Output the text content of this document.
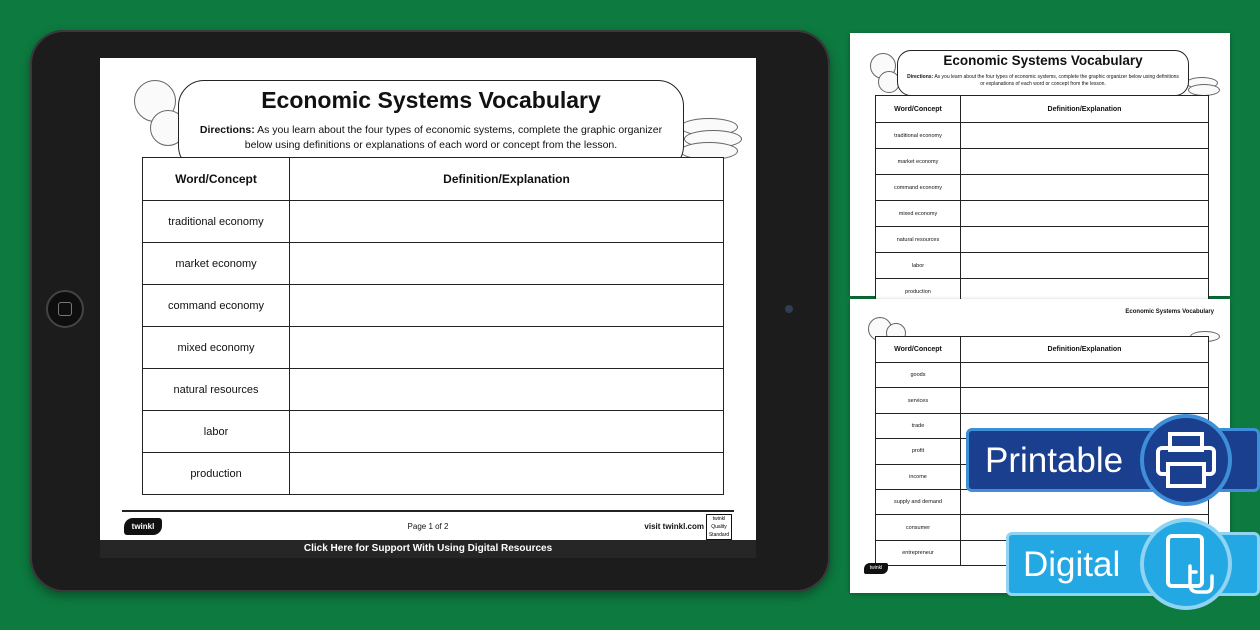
Economic Systems Vocabulary
Directions: As you learn about the four types of economic systems, complete the graphic organizer below using definitions or explanations of each word or concept from the lesson.
Word/Concept	Definition/Explanation
traditional economy	
market economy	
command economy	
mixed economy	
natural resources	
labor	
production	
twinkl	Page 1 of 2	visit twinkl.com
twinkl Quality Standard
Click Here for Support With Using Digital Resources
Economic Systems Vocabulary
Directions: As you learn about the four types of economic systems, complete the graphic organizer below using definitions or explanations of each word or concept from the lesson.
Word/Concept	Definition/Explanation
traditional economy	
market economy	
command economy	
mixed economy	
natural resources	
labor	
production	
Economic Systems Vocabulary
Word/Concept	Definition/Explanation
goods	
services	
trade	
profit	
income	
supply and demand	
consumer	
entrepreneur	
twinkl
Printable
Digital
